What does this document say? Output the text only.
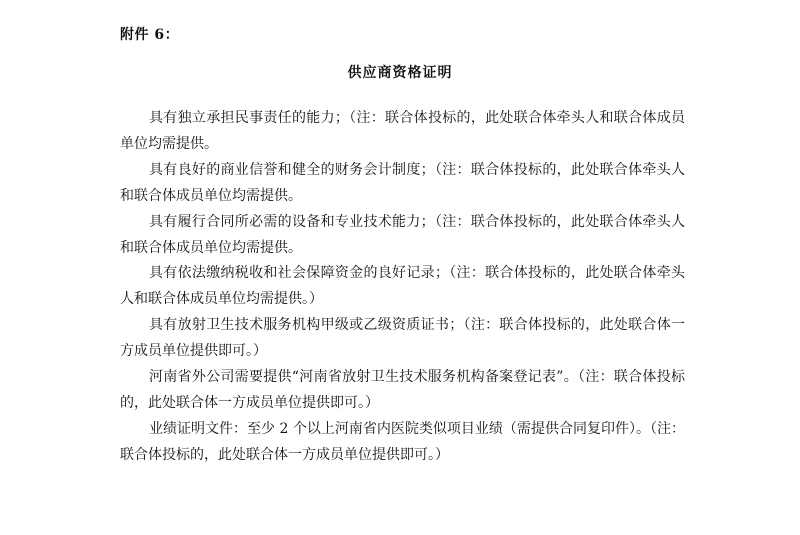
附件 6：
供应商资格证明

具有独立承担民事责任的能力；（注：联合体投标的，此处联合体牵头人和联合体成员单位均需提供。

具有良好的商业信誉和健全的财务会计制度；（注：联合体投标的，此处联合体牵头人和联合体成员单位均需提供。

具有履行合同所必需的设备和专业技术能力；（注：联合体投标的，此处联合体牵头人和联合体成员单位均需提供。

具有依法缴纳税收和社会保障资金的良好记录；（注：联合体投标的，此处联合体牵头人和联合体成员单位均需提供。）

具有放射卫生技术服务机构甲级或乙级资质证书；（注：联合体投标的，此处联合体一方成员单位提供即可。）

河南省外公司需要提供“河南省放射卫生技术服务机构备案登记表”。（注：联合体投标的，此处联合体一方成员单位提供即可。）

业绩证明文件：至少 2 个以上河南省内医院类似项目业绩（需提供合同复印件）。（注：联合体投标的，此处联合体一方成员单位提供即可。）
